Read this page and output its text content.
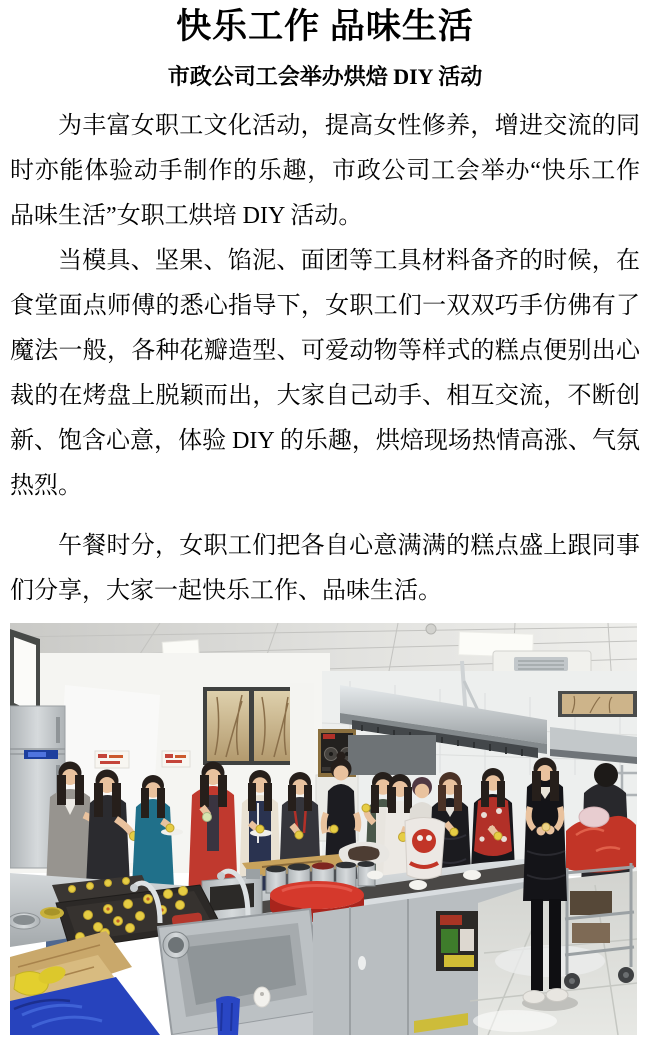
快乐工作 品味生活
市政公司工会举办烘焙 DIY 活动

为丰富女职工文化活动，提高女性修养，增进交流的同时亦能体验动手制作的乐趣，市政公司工会举办“快乐工作 品味生活”女职工烘培 DIY 活动。

当模具、坚果、馅泥、面团等工具材料备齐的时候，在食堂面点师傅的悉心指导下，女职工们一双双巧手仿佛有了魔法一般，各种花瓣造型、可爱动物等样式的糕点便别出心裁的在烤盘上脱颖而出，大家自己动手、相互交流，不断创新、饱含心意，体验 DIY 的乐趣，烘焙现场热情高涨、气氛热烈。

午餐时分，女职工们把各自心意满满的糕点盛上跟同事们分享，大家一起快乐工作、品味生活。
